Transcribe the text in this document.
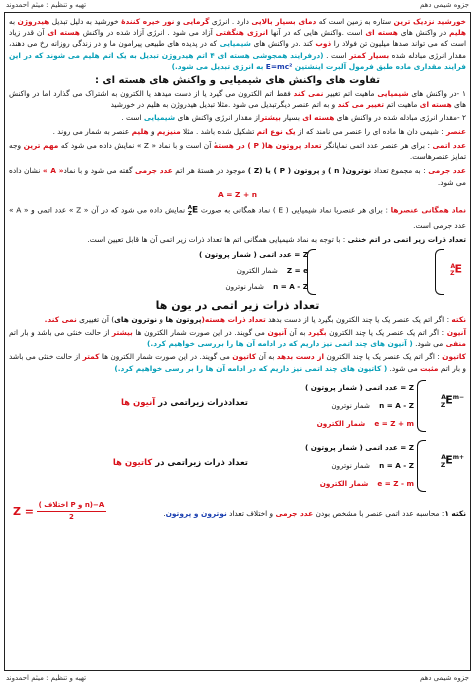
جزوه شیمی دهم
تهیه و تنظیم : میثم احمدوند

خورشید نزدیک ترین ستاره به زمین است که دمای بسیار بالایی دارد . انرژی گرمایی و نور خیره کنندهٔ خورشید به دلیل تبدیل هیدروژن به هلیم در واکنش های هسته ای است .واکنش هایی که در آنها انرژی هنگفتی آزاد می شود . انرژی آزاد شده در واکنش هسته ای آن قدر زیاد است که می تواند صدها میلیون تن فولاد را ذوب کند .در واکنش های شیمیایی که در پدیده های طبیعی پیرامون ما و در زندگی روزانه رخ می دهند، مقدار انرژی مبادله شده بسیار کمتر است . (درفرایند همجوشی هسته ای ۴ اتم هیدروژن تبدیل به یک اتم هلیم می شوند که در این فرایند مقداری ماده طبق فرمول آلبرت اینشتین E=mc² به انرژی تبدیل می شود.)

تفاوت های واکنش های شیمیایی و واکنش های هسته ای :

۱ -در واکنش های شیمیایی ماهیت اتم تغییر نمی کند فقط اتم الکترون می گیرد یا از دست میدهد یا الکترون به اشتراک می گذارد اما در واکنش های هسته ای ماهیت اتم تغییر می کند و به اتم عنصر دیگرتبدیل می شود .مثلا تبدیل هیدروژن به هلیم در خورشید

۲ -مقدار انرژی مبادله شده در واکنش های هسته ای بسیار بیشتراز مقدار انرژی واکنش های شیمیایی است .

عنصر : شیمی دان ها ماده ای را عنصر می نامند که از یک نوع اتم تشکیل شده باشد . مثلا منیزیم و هلیم عنصر به شمار می روند .

عدد اتمی : برای هر عنصر عدد اتمی نمایانگر تعداد پروتون ها( P ) در هستهٔ آن است و با نماد « Z » نمایش داده می شود که مهم ترین وجه تمایز عنصرهاست.

عدد جرمی : به مجموع تعداد نوترون( n ) و پروتون ( P ) یا (Z ) موجود در هستهٔ هر اتم عدد جرمی گفته می شود و با نماد« A » نشان داده می شود.

A = Z + n

نماد همگانی عنصرها : برای هر عنصربا نماد شیمیایی ( E ) نماد همگانی به صورت $^A_Z$E نمایش داده می شود که در آن « Z » عدد اتمی و « A » عدد جرمی است.

تعداد ذرات زیر اتمی در اتم خنثی : با توجه به نماد شیمیایی همگانی اتم ها تعداد ذرات زیر اتمی آن ها قابل تعیین است.

Z = عدد اتمی ( شمار پروتون )
Z = e    شمار الکترون
n = A - Z    شمار نوترون
$^A_Z$E

تعداد ذرات زیر اتمی در یون ها

نکته : اگر اتم یک عنصر یک یا چند الکترون بگیرد یا از دست بدهد تعداد ذرات هسته(پروتون ها و نوترون های) آن تغییری نمی کند.

آنیون : اگر اتم یک عنصر یک یا چند الکترون بگیرد به آن آنیون می گویند. در این صورت شمار الکترون ها بیشتر از حالت خنثی می باشد و بار اتم منفی می شود. ( آنیون های چند اتمی نیز داریم که در ادامه آن ها را بررسی خواهیم کرد.)

کاتیون : اگر اتم یک عنصر یک یا چند الکترون از دست بدهد به آن کاتیون می گویند. در این صورت شمار الکترون ها کمتر از حالت خنثی می باشد و بار اتم مثبت می شود. ( کاتیون های چند اتمی نیز داریم که در ادامه آن ها را بر رسی خواهیم کرد.)

$^A_ZE^{m-}$
Z = عدد اتمی ( شمار پروتون )
n = A - Z    شمار نوترون
e = Z + m    شمار الکترون
تعدادذرات زیراتمی در آنیون ها
$^A_ZE^{m+}$
Z = عدد اتمی ( شمار پروتون )
n = A - Z    شمار نوترون
e = Z - m    شمار الکترون
تعداد ذرات زیراتمی در کاتیون ها
نکته ۱: محاسبه عدد اتمی عنصر با مشخص بودن عدد جرمی و اختلاف تعداد نوترون و پروتون.
$Z = \frac{\text{A−(n و P اختلاف )}}{2}$
جزوه شیمی دهم
تهیه و تنظیم : میثم احمدوند
